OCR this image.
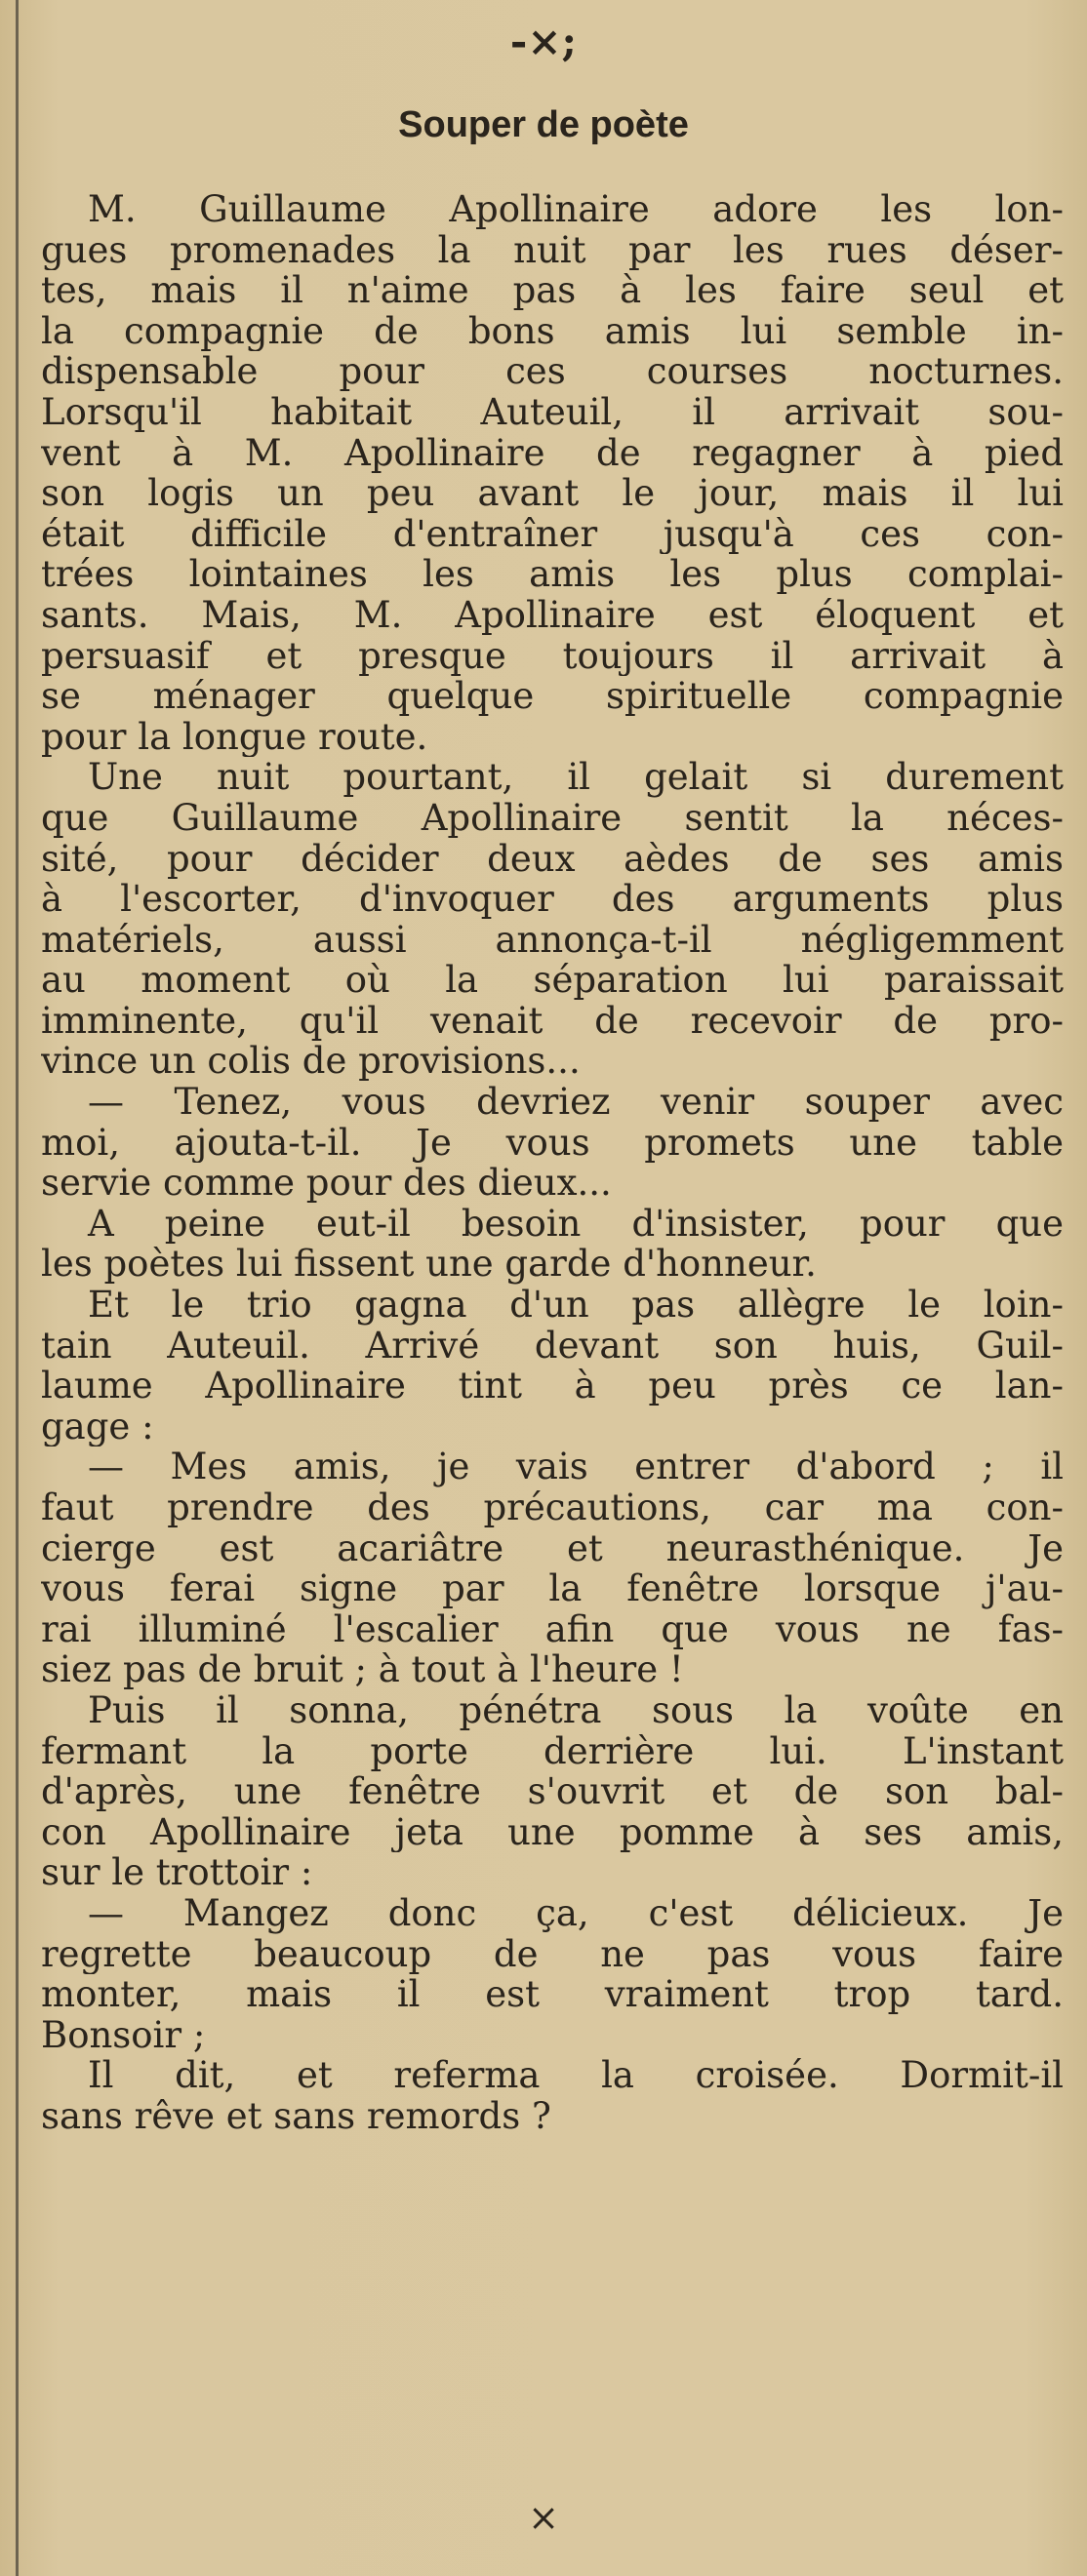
-×;
Souper de poète
M. Guillaume Apollinaire adore les lon-
gues promenades la nuit par les rues déser-
tes, mais il n'aime pas à les faire seul et
la compagnie de bons amis lui semble in-
dispensable pour ces courses nocturnes.
Lorsqu'il habitait Auteuil, il arrivait sou-
vent à M. Apollinaire de regagner à pied
son logis un peu avant le jour, mais il lui
était difficile d'entraîner jusqu'à ces con-
trées lointaines les amis les plus complai-
sants. Mais, M. Apollinaire est éloquent et
persuasif et presque toujours il arrivait à
se ménager quelque spirituelle compagnie
pour la longue route.
Une nuit pourtant, il gelait si durement
que Guillaume Apollinaire sentit la néces-
sité, pour décider deux aèdes de ses amis
à l'escorter, d'invoquer des arguments plus
matériels, aussi annonça-t-il négligemment
au moment où la séparation lui paraissait
imminente, qu'il venait de recevoir de pro-
vince un colis de provisions...
— Tenez, vous devriez venir souper avec
moi, ajouta-t-il. Je vous promets une table
servie comme pour des dieux...
A peine eut-il besoin d'insister, pour que
les poètes lui fissent une garde d'honneur.
Et le trio gagna d'un pas allègre le loin-
tain Auteuil. Arrivé devant son huis, Guil-
laume Apollinaire tint à peu près ce lan-
gage :
— Mes amis, je vais entrer d'abord ; il
faut prendre des précautions, car ma con-
cierge est acariâtre et neurasthénique. Je
vous ferai signe par la fenêtre lorsque j'au-
rai illuminé l'escalier afin que vous ne fas-
siez pas de bruit ; à tout à l'heure !
Puis il sonna, pénétra sous la voûte en
fermant la porte derrière lui. L'instant
d'après, une fenêtre s'ouvrit et de son bal-
con Apollinaire jeta une pomme à ses amis,
sur le trottoir :
— Mangez donc ça, c'est délicieux. Je
regrette beaucoup de ne pas vous faire
monter, mais il est vraiment trop tard.
Bonsoir ;
Il dit, et referma la croisée. Dormit-il
sans rêve et sans remords ?
×
